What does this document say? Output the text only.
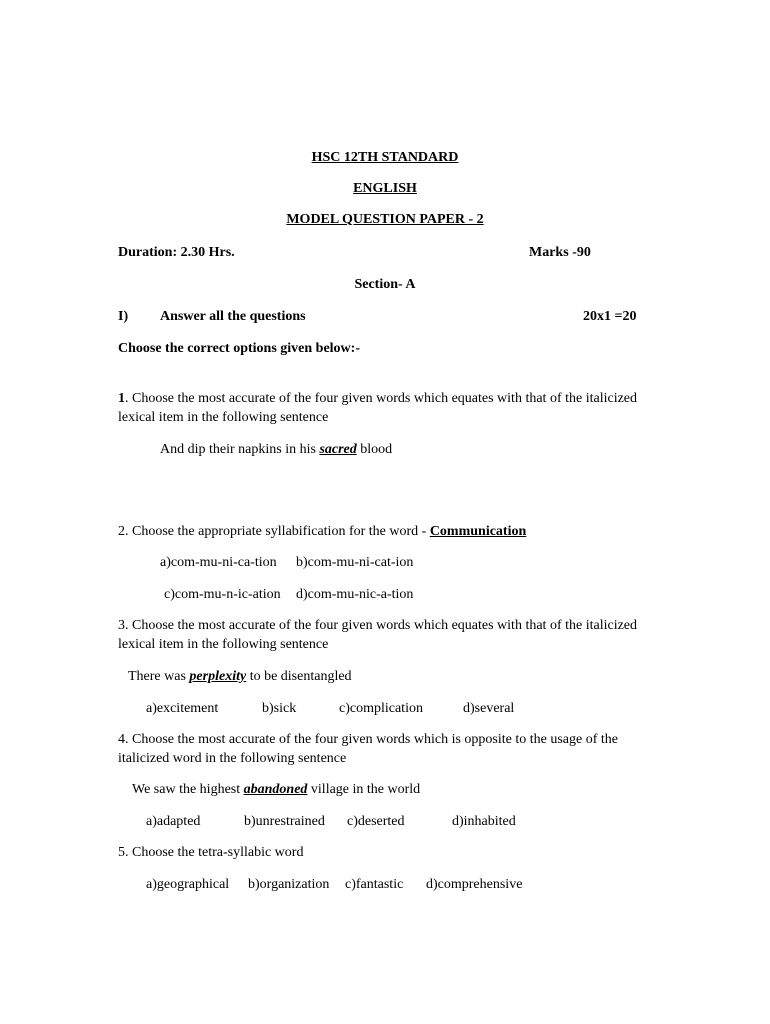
HSC 12TH STANDARD
ENGLISH
MODEL QUESTION PAPER - 2
Duration: 2.30 Hrs.	Marks -90
Section- A
I) Answer all the questions	20x1 =20
Choose the correct options given below:-
1. Choose the most accurate of the four given words which equates with that of the italicized
lexical item in the following sentence
And dip their napkins in his sacred blood
2. Choose the appropriate syllabification for the word - Communication
a)com-mu-ni-ca-tion b)com-mu-ni-cat-ion
c)com-mu-n-ic-ation d)com-mu-nic-a-tion
3. Choose the most accurate of the four given words which equates with that of the italicized
lexical item in the following sentence
There was perplexity to be disentangled
a)excitement	b)sick	c)complication	d)several
4. Choose the most accurate of the four given words which is opposite to the usage of the
italicized word in the following sentence
We saw the highest abandoned village in the world
a)adapted	b)unrestrained c)deserted	d)inhabited
5. Choose the tetra-syllabic word
a)geographical b)organization c)fantastic d)comprehensive
